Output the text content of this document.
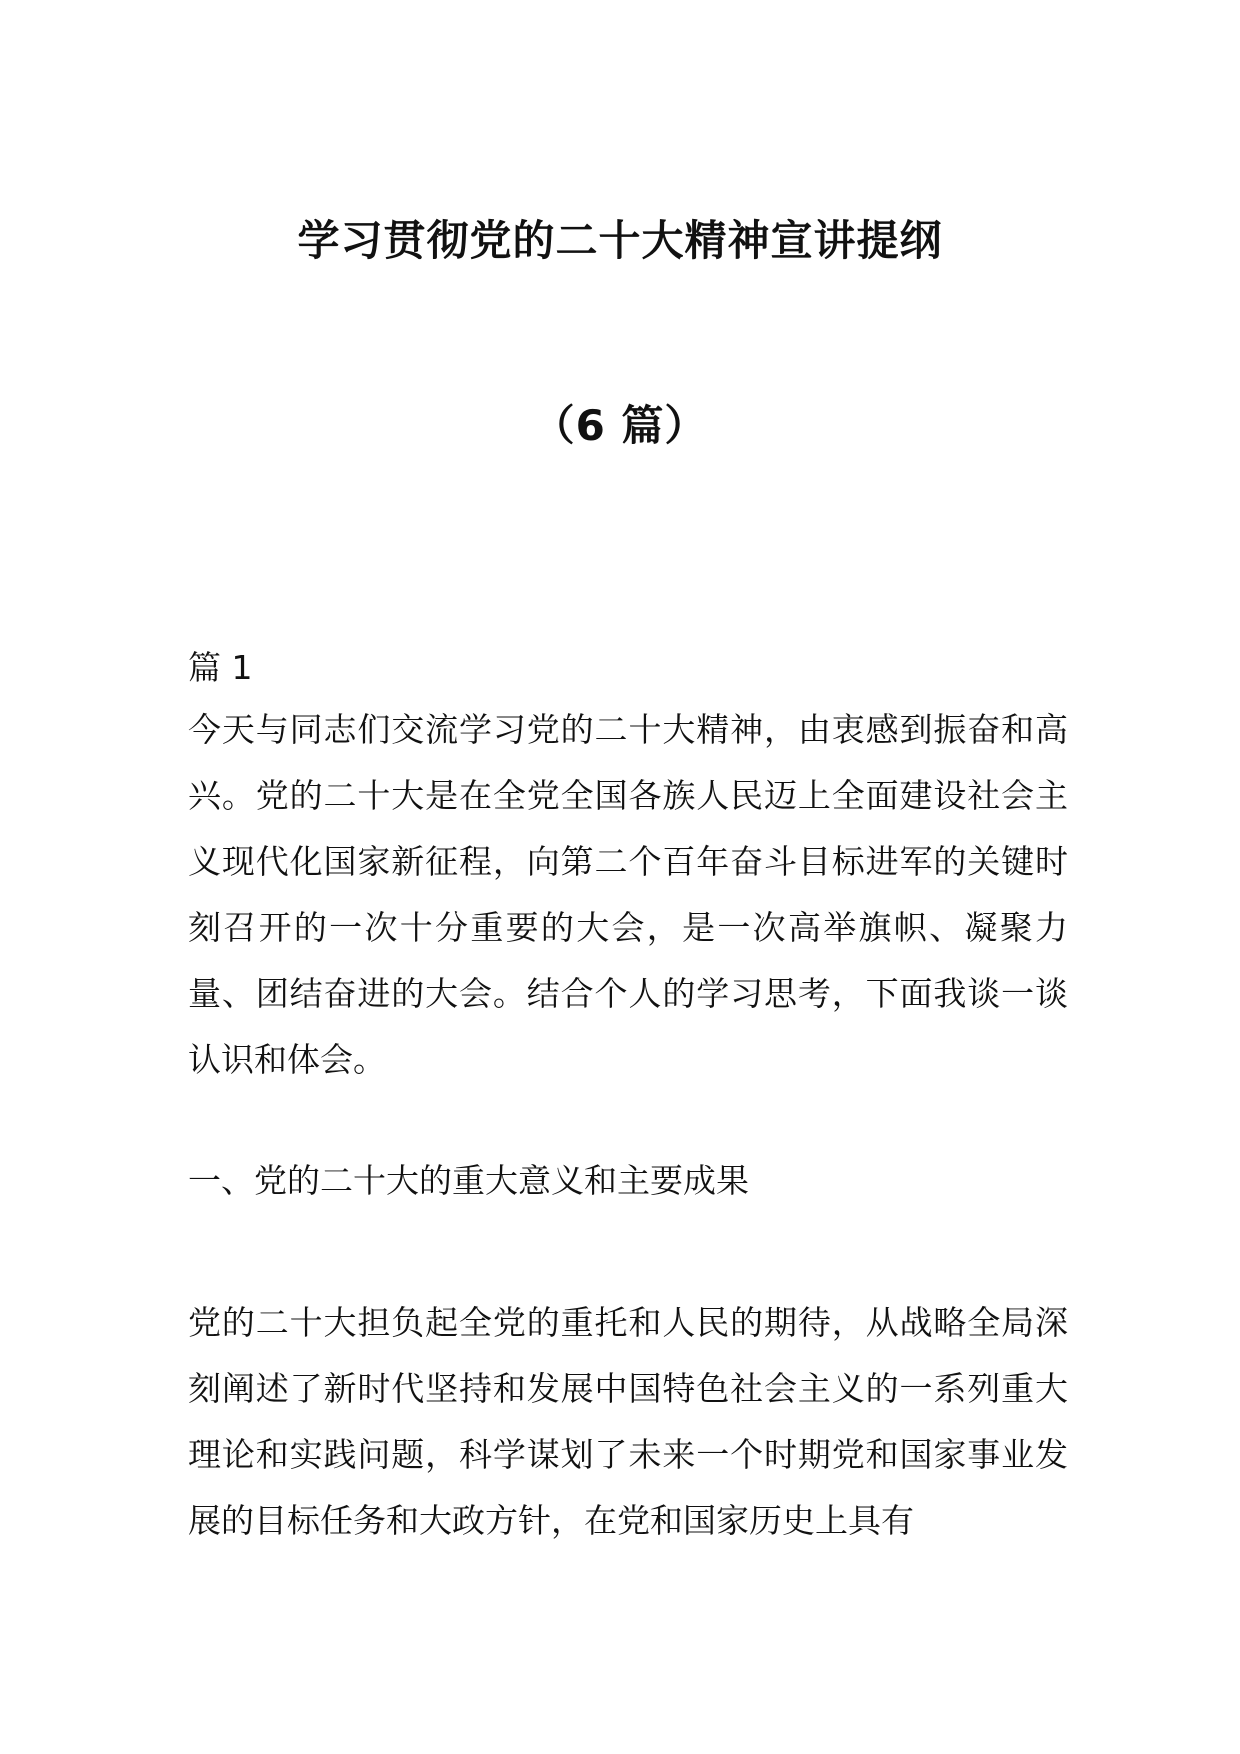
学习贯彻党的二十大精神宣讲提纲
（6 篇）

篇 1

今天与同志们交流学习党的二十大精神，由衷感到振奋和高兴。党的二十大是在全党全国各族人民迈上全面建设社会主义现代化国家新征程，向第二个百年奋斗目标进军的关键时刻召开的一次十分重要的大会，是一次高举旗帜、凝聚力量、团结奋进的大会。结合个人的学习思考，下面我谈一谈认识和体会。

一、党的二十大的重大意义和主要成果

党的二十大担负起全党的重托和人民的期待，从战略全局深刻阐述了新时代坚持和发展中国特色社会主义的一系列重大理论和实践问题，科学谋划了未来一个时期党和国家事业发展的目标任务和大政方针，在党和国家历史上具有
